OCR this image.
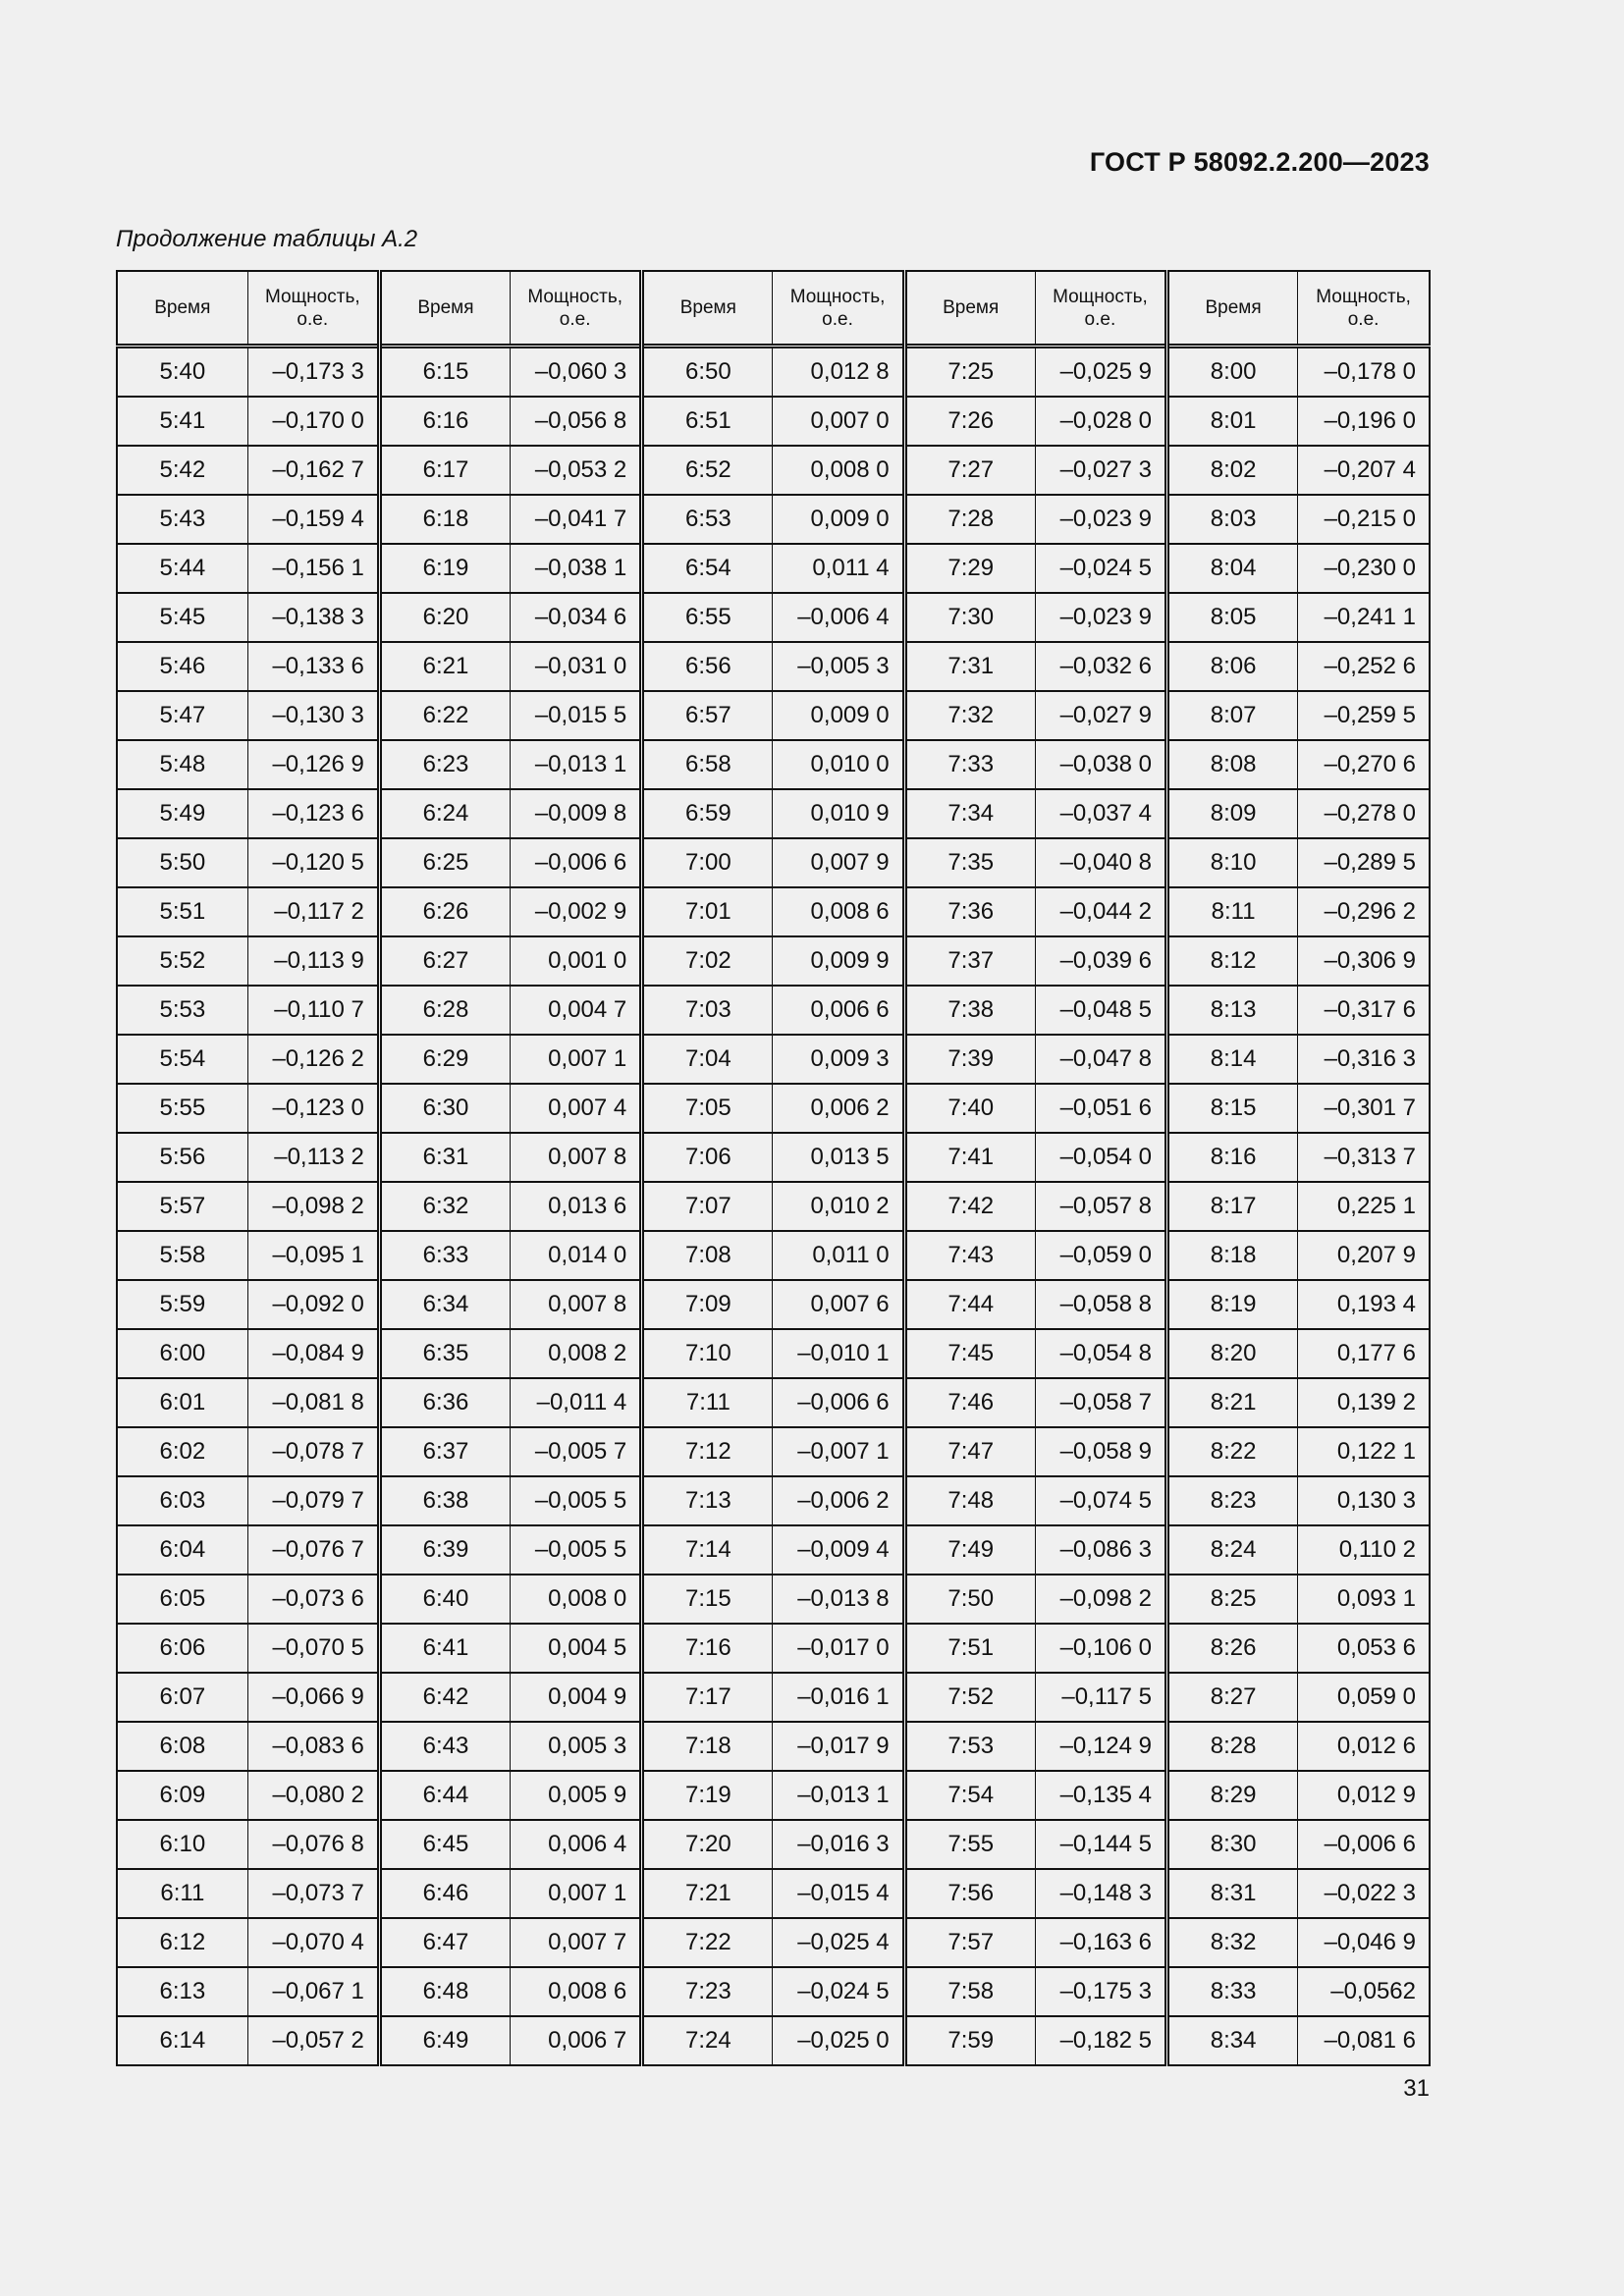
ГОСТ Р 58092.2.200—2023
Продолжение таблицы А.2
Время	Мощность, о.е.	Время	Мощность, о.е.	Время	Мощность, о.е.	Время	Мощность, о.е.	Время	Мощность, о.е.
5:40	–0,173 3	6:15	–0,060 3	6:50	0,012 8	7:25	–0,025 9	8:00	–0,178 0
5:41	–0,170 0	6:16	–0,056 8	6:51	0,007 0	7:26	–0,028 0	8:01	–0,196 0
5:42	–0,162 7	6:17	–0,053 2	6:52	0,008 0	7:27	–0,027 3	8:02	–0,207 4
5:43	–0,159 4	6:18	–0,041 7	6:53	0,009 0	7:28	–0,023 9	8:03	–0,215 0
5:44	–0,156 1	6:19	–0,038 1	6:54	0,011 4	7:29	–0,024 5	8:04	–0,230 0
5:45	–0,138 3	6:20	–0,034 6	6:55	–0,006 4	7:30	–0,023 9	8:05	–0,241 1
5:46	–0,133 6	6:21	–0,031 0	6:56	–0,005 3	7:31	–0,032 6	8:06	–0,252 6
5:47	–0,130 3	6:22	–0,015 5	6:57	0,009 0	7:32	–0,027 9	8:07	–0,259 5
5:48	–0,126 9	6:23	–0,013 1	6:58	0,010 0	7:33	–0,038 0	8:08	–0,270 6
5:49	–0,123 6	6:24	–0,009 8	6:59	0,010 9	7:34	–0,037 4	8:09	–0,278 0
5:50	–0,120 5	6:25	–0,006 6	7:00	0,007 9	7:35	–0,040 8	8:10	–0,289 5
5:51	–0,117 2	6:26	–0,002 9	7:01	0,008 6	7:36	–0,044 2	8:11	–0,296 2
5:52	–0,113 9	6:27	0,001 0	7:02	0,009 9	7:37	–0,039 6	8:12	–0,306 9
5:53	–0,110 7	6:28	0,004 7	7:03	0,006 6	7:38	–0,048 5	8:13	–0,317 6
5:54	–0,126 2	6:29	0,007 1	7:04	0,009 3	7:39	–0,047 8	8:14	–0,316 3
5:55	–0,123 0	6:30	0,007 4	7:05	0,006 2	7:40	–0,051 6	8:15	–0,301 7
5:56	–0,113 2	6:31	0,007 8	7:06	0,013 5	7:41	–0,054 0	8:16	–0,313 7
5:57	–0,098 2	6:32	0,013 6	7:07	0,010 2	7:42	–0,057 8	8:17	0,225 1
5:58	–0,095 1	6:33	0,014 0	7:08	0,011 0	7:43	–0,059 0	8:18	0,207 9
5:59	–0,092 0	6:34	0,007 8	7:09	0,007 6	7:44	–0,058 8	8:19	0,193 4
6:00	–0,084 9	6:35	0,008 2	7:10	–0,010 1	7:45	–0,054 8	8:20	0,177 6
6:01	–0,081 8	6:36	–0,011 4	7:11	–0,006 6	7:46	–0,058 7	8:21	0,139 2
6:02	–0,078 7	6:37	–0,005 7	7:12	–0,007 1	7:47	–0,058 9	8:22	0,122 1
6:03	–0,079 7	6:38	–0,005 5	7:13	–0,006 2	7:48	–0,074 5	8:23	0,130 3
6:04	–0,076 7	6:39	–0,005 5	7:14	–0,009 4	7:49	–0,086 3	8:24	0,110 2
6:05	–0,073 6	6:40	0,008 0	7:15	–0,013 8	7:50	–0,098 2	8:25	0,093 1
6:06	–0,070 5	6:41	0,004 5	7:16	–0,017 0	7:51	–0,106 0	8:26	0,053 6
6:07	–0,066 9	6:42	0,004 9	7:17	–0,016 1	7:52	–0,117 5	8:27	0,059 0
6:08	–0,083 6	6:43	0,005 3	7:18	–0,017 9	7:53	–0,124 9	8:28	0,012 6
6:09	–0,080 2	6:44	0,005 9	7:19	–0,013 1	7:54	–0,135 4	8:29	0,012 9
6:10	–0,076 8	6:45	0,006 4	7:20	–0,016 3	7:55	–0,144 5	8:30	–0,006 6
6:11	–0,073 7	6:46	0,007 1	7:21	–0,015 4	7:56	–0,148 3	8:31	–0,022 3
6:12	–0,070 4	6:47	0,007 7	7:22	–0,025 4	7:57	–0,163 6	8:32	–0,046 9
6:13	–0,067 1	6:48	0,008 6	7:23	–0,024 5	7:58	–0,175 3	8:33	–0,0562
6:14	–0,057 2	6:49	0,006 7	7:24	–0,025 0	7:59	–0,182 5	8:34	–0,081 6
31
